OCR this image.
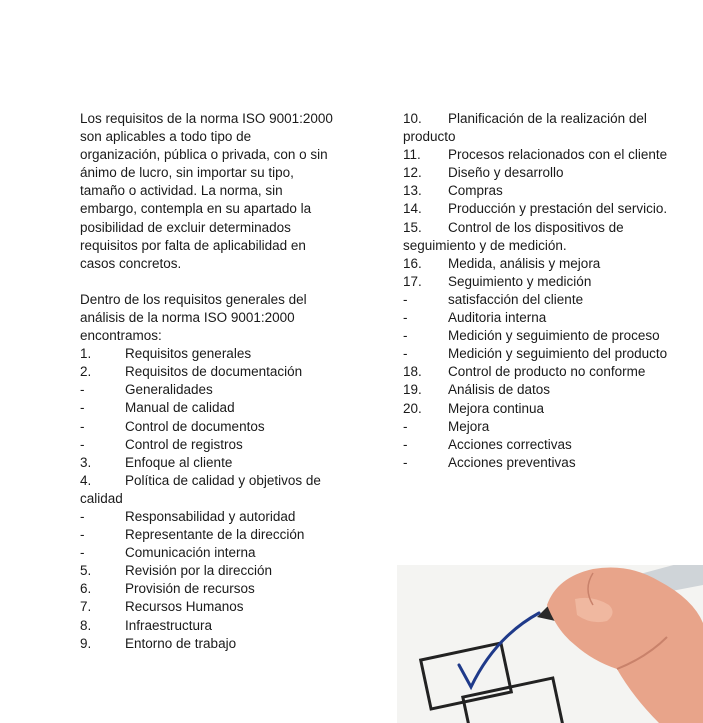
Los requisitos de la norma ISO 9001:2000 son aplicables a todo tipo de organización, pública o privada, con o sin ánimo de lucro, sin importar su tipo, tamaño o actividad. La norma, sin embargo, contempla en su apartado la posibilidad de excluir determinados requisitos por falta de aplicabilidad en casos concretos.

Dentro de los requisitos generales del análisis de la norma ISO 9001:2000 encontramos:

1. Requisitos generales
2. Requisitos de documentación
-	Generalidades
-	Manual de calidad
-	Control de documentos
-	Control de registros
3. Enfoque al cliente
4. Política de calidad y objetivos de calidad
-	Responsabilidad y autoridad
-	Representante de la dirección
-	Comunicación interna
5. Revisión por la dirección
6. Provisión de recursos
7. Recursos Humanos
8. Infraestructura
9. Entorno de trabajo
10. Planificación de la realización del producto
11. Procesos relacionados con el cliente
12. Diseño y desarrollo
13. Compras
14. Producción y prestación del servicio.
15. Control de los dispositivos de seguimiento y de medición.
16. Medida, análisis y mejora
17. Seguimiento y medición
-	satisfacción del cliente
-	Auditoria interna
-	Medición y seguimiento de proceso
-	Medición y seguimiento del producto
18. Control de producto no conforme
19. Análisis de datos
20. Mejora continua
-	Mejora
-	Acciones correctivas
-	Acciones preventivas
